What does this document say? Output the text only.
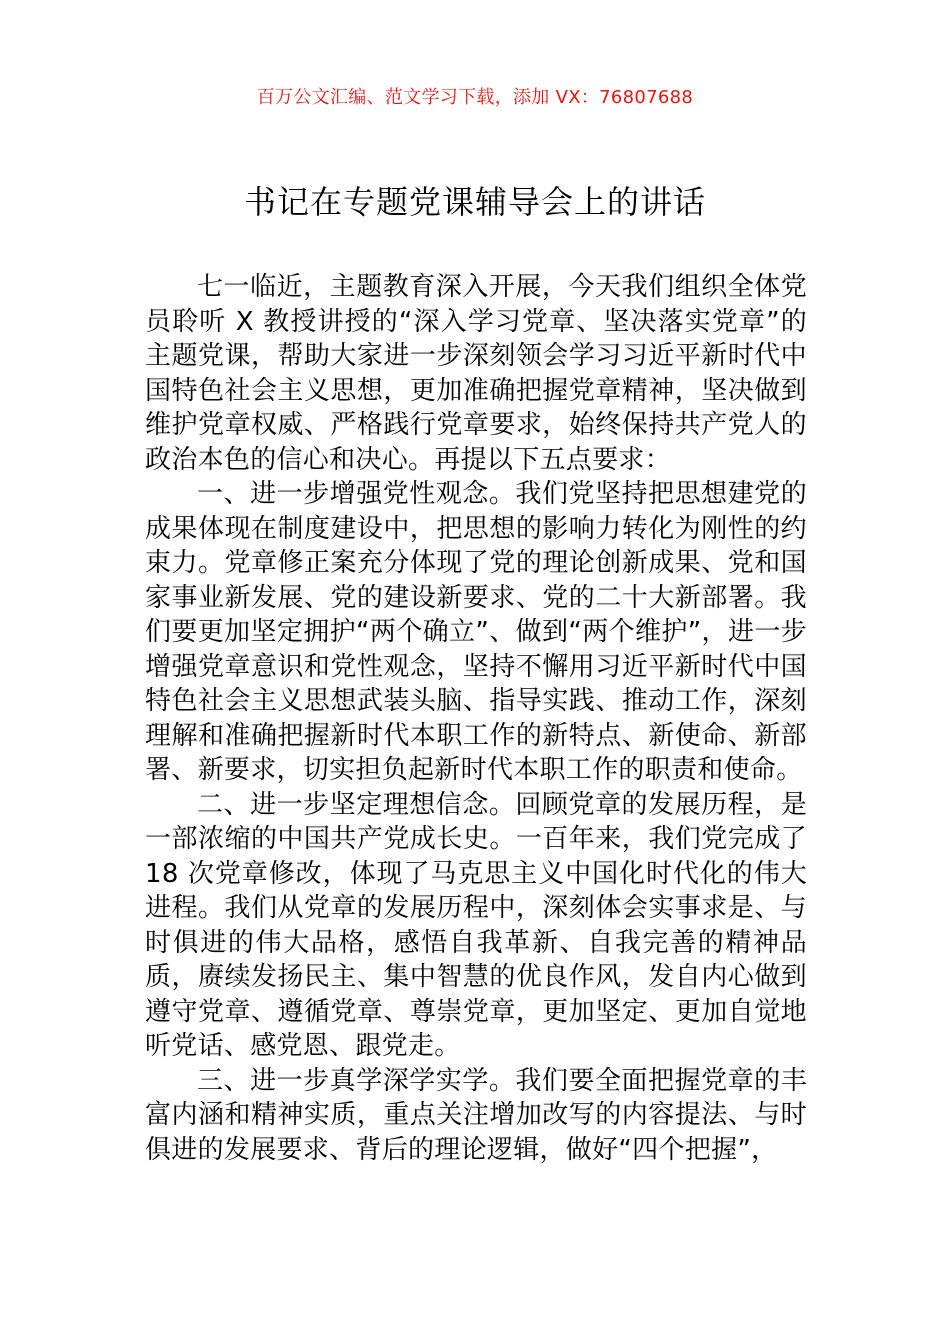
百万公文汇编、范文学习下载，添加 VX：76807688
书记在专题党课辅导会上的讲话

七一临近，主题教育深入开展，今天我们组织全体党员聆听 X 教授讲授的“深入学习党章、坚决落实党章”的主题党课，帮助大家进一步深刻领会学习习近平新时代中国特色社会主义思想，更加准确把握党章精神，坚决做到维护党章权威、严格践行党章要求，始终保持共产党人的政治本色的信心和决心。再提以下五点要求：

一、进一步增强党性观念。我们党坚持把思想建党的成果体现在制度建设中，把思想的影响力转化为刚性的约束力。党章修正案充分体现了党的理论创新成果、党和国家事业新发展、党的建设新要求、党的二十大新部署。我们要更加坚定拥护“两个确立”、做到“两个维护”，进一步增强党章意识和党性观念，坚持不懈用习近平新时代中国特色社会主义思想武装头脑、指导实践、推动工作，深刻理解和准确把握新时代本职工作的新特点、新使命、新部署、新要求，切实担负起新时代本职工作的职责和使命。

二、进一步坚定理想信念。回顾党章的发展历程，是一部浓缩的中国共产党成长史。一百年来，我们党完成了 18 次党章修改，体现了马克思主义中国化时代化的伟大进程。我们从党章的发展历程中，深刻体会实事求是、与时俱进的伟大品格，感悟自我革新、自我完善的精神品质，赓续发扬民主、集中智慧的优良作风，发自内心做到遵守党章、遵循党章、尊崇党章，更加坚定、更加自觉地听党话、感党恩、跟党走。

三、进一步真学深学实学。我们要全面把握党章的丰富内涵和精神实质，重点关注增加改写的内容提法、与时俱进的发展要求、背后的理论逻辑，做好“四个把握”，
